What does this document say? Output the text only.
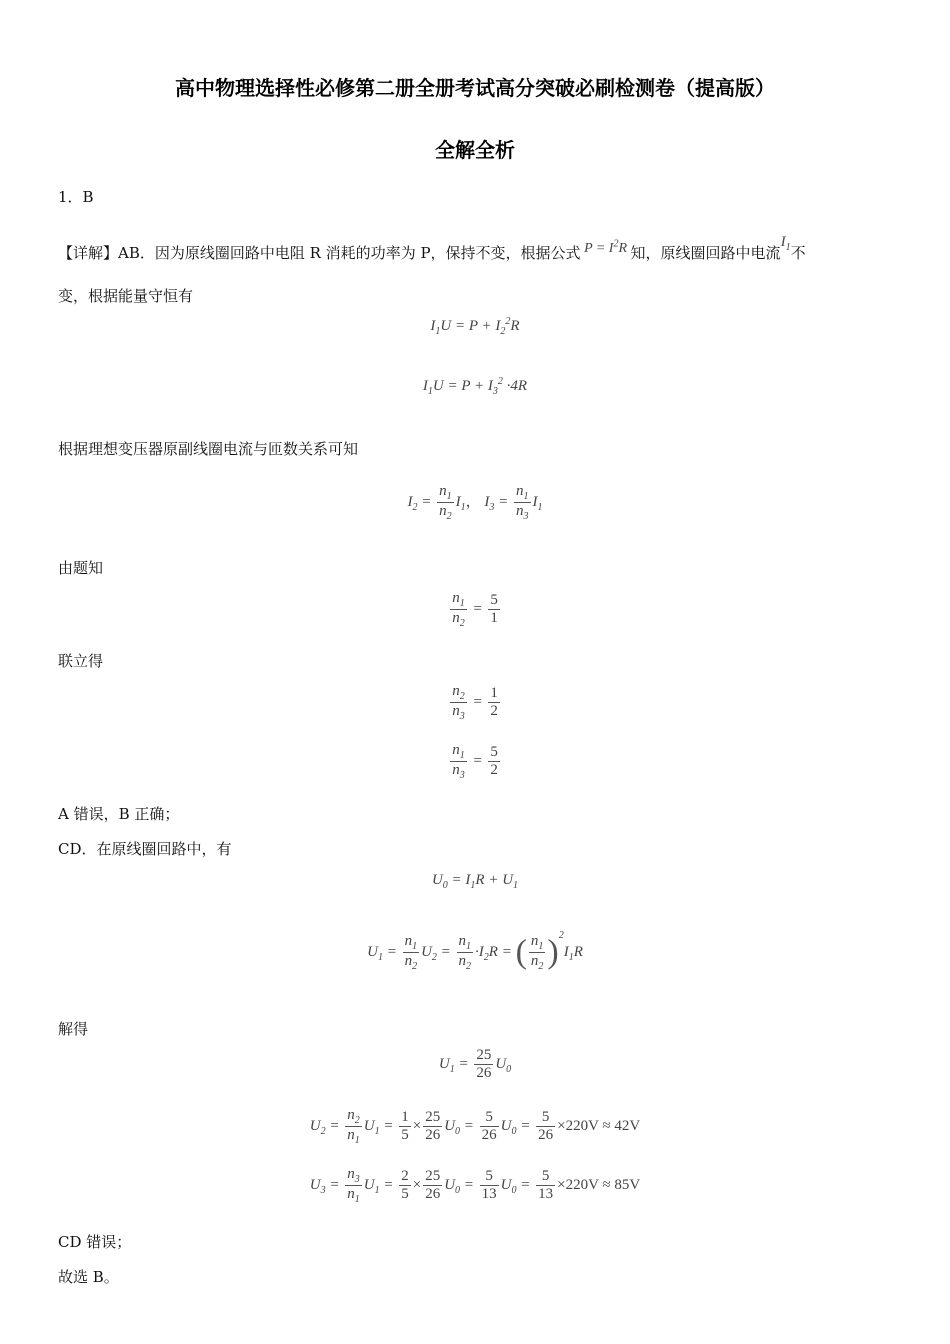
高中物理选择性必修第二册全册考试高分突破必刷检测卷（提高版）
全解全析
1．B
【详解】AB．因为原线圈回路中电阻 R 消耗的功率为 P，保持不变，根据公式 $P = I^2R$ 知，原线圈回路中电流$I_1$不
变，根据能量守恒有
$I_1U = P + I_2^2R$
$I_1U = P + I_3^2 \cdot 4R$
根据理想变压器原副线圈电流与匝数关系可知
$I_2 = \frac{n_1}{n_2} I_1$， $I_3 = \frac{n_1}{n_3} I_1$
由题知
$\frac{n_1}{n_2} = \frac{5}{1}$
联立得
$\frac{n_2}{n_3} = \frac{1}{2}$
$\frac{n_1}{n_3} = \frac{5}{2}$
A 错误，B 正确；
CD．在原线圈回路中，有
$U_0 = I_1R + U_1$
$U_1 = \frac{n_1}{n_2} U_2 = \frac{n_1}{n_2} \cdot I_2R$ = ( $\frac{n_1}{n_2} )^2I_1R$
解得
$U_1 = \frac{25}{26} U_0$
$U_2 = \frac{n_2}{n_1} U_1 = \frac{1}{5} \times \frac{25}{26} U_0 = \frac{5}{26} U_0 = \frac{5}{26} \times 220V \approx 42V$
$U_3 = \frac{n_3}{n_1} U_1 = \frac{2}{5} \times \frac{25}{26} U_0 = \frac{5}{13} U_0 = \frac{5}{13} \times 220V \approx 85V$
CD 错误；
故选 B。
